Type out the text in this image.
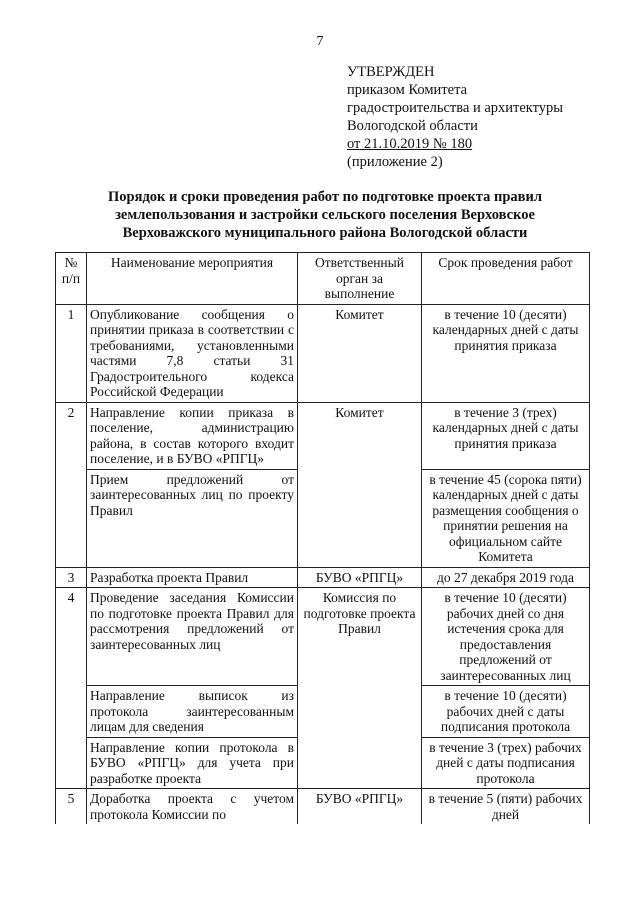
7
УТВЕРЖДЕН
приказом Комитета
градостроительства и архитектуры
Вологодской области
от 21.10.2019 № 180
(приложение 2)
Порядок и сроки проведения работ по подготовке проекта правил
землепользования и застройки сельского поселения Верховское
Верховажского муниципального района Вологодской области
№ п/п	Наименование мероприятия	Ответственный орган за выполнение	Срок проведения работ
1	Опубликование сообщения о принятии приказа в соответствии с требованиями, установленными частями 7,8 статьи 31 Градостроительного кодекса Российской Федерации	Комитет	в течение 10 (десяти) календарных дней с даты принятия приказа
2	Направление копии приказа в поселение, администрацию района, в состав которого входит поселение, и в БУВО «РПГЦ»	Комитет	в течение 3 (трех) календарных дней с даты принятия приказа
	Прием предложений от заинтересованных лиц по проекту Правил		в течение 45 (сорока пяти) календарных дней с даты размещения сообщения о принятии решения на официальном сайте Комитета
3	Разработка проекта Правил	БУВО «РПГЦ»	до 27 декабря 2019 года
4	Проведение заседания Комиссии по подготовке проекта Правил для рассмотрения предложений от заинтересованных лиц	Комиссия по подготовке проекта Правил	в течение 10 (десяти) рабочих дней со дня истечения срока для предоставления предложений от заинтересованных лиц
	Направление выписок из протокола заинтересованным лицам для сведения		в течение 10 (десяти) рабочих дней с даты подписания протокола
	Направление копии протокола в БУВО «РПГЦ» для учета при разработке проекта		в течение 3 (трех) рабочих дней с даты подписания протокола
5	Доработка проекта с учетом протокола Комиссии по	БУВО «РПГЦ»	в течение 5 (пяти) рабочих дней
